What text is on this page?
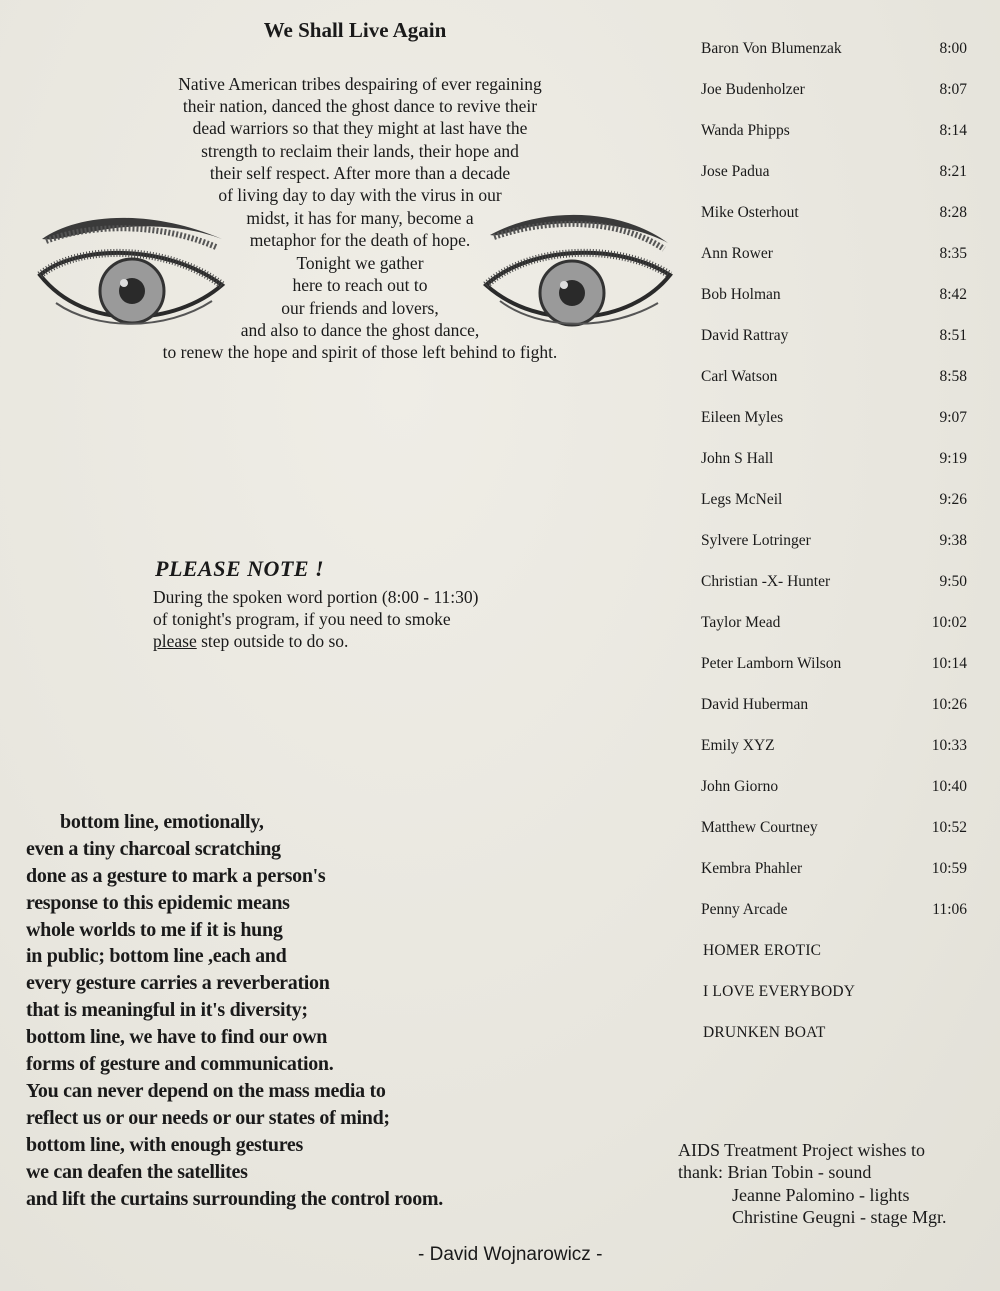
We Shall Live Again
Native American tribes despairing of ever regaining
their nation, danced the ghost dance to revive their
dead warriors so that they might at last have the
strength to reclaim their lands, their hope and
their self respect. After more than a decade
of living day to day with the virus in our
midst, it has for many, become a
metaphor for the death of hope.
Tonight we gather
here to reach out to
our friends and lovers,
and also to dance the ghost dance,
to renew the hope and spirit of those left behind to fight.
PLEASE NOTE !
During the spoken word portion (8:00 - 11:30)
of tonight's program, if you need to smoke
please step outside to do so.
bottom line, emotionally,
even a tiny charcoal scratching
done as a gesture to mark a person's
response to this epidemic means
whole worlds to me if it is hung
in public; bottom line ,each and
every gesture carries a reverberation
that is meaningful in it's diversity;
bottom line, we have to find our own
forms of gesture and communication.
You can never depend on the mass media to
reflect us or our needs or our states of mind;
bottom line, with enough gestures
we can deafen the satellites
and lift the curtains surrounding the control room.
- David Wojnarowicz -
Baron Von Blumenzak	8:00
Joe Budenholzer	8:07
Wanda Phipps	8:14
Jose Padua	8:21
Mike Osterhout	8:28
Ann Rower	8:35
Bob Holman	8:42
David Rattray	8:51
Carl Watson	8:58
Eileen Myles	9:07
John S Hall	9:19
Legs McNeil	9:26
Sylvere Lotringer	9:38
Christian -X- Hunter	9:50
Taylor Mead	10:02
Peter Lamborn Wilson	10:14
David Huberman	10:26
Emily XYZ	10:33
John Giorno	10:40
Matthew Courtney	10:52
Kembra Phahler	10:59
Penny Arcade	11:06
HOMER EROTIC
I LOVE EVERYBODY
DRUNKEN BOAT
AIDS Treatment Project wishes to
thank: Brian Tobin - sound
Jeanne Palomino - lights
Christine Geugni - stage Mgr.
